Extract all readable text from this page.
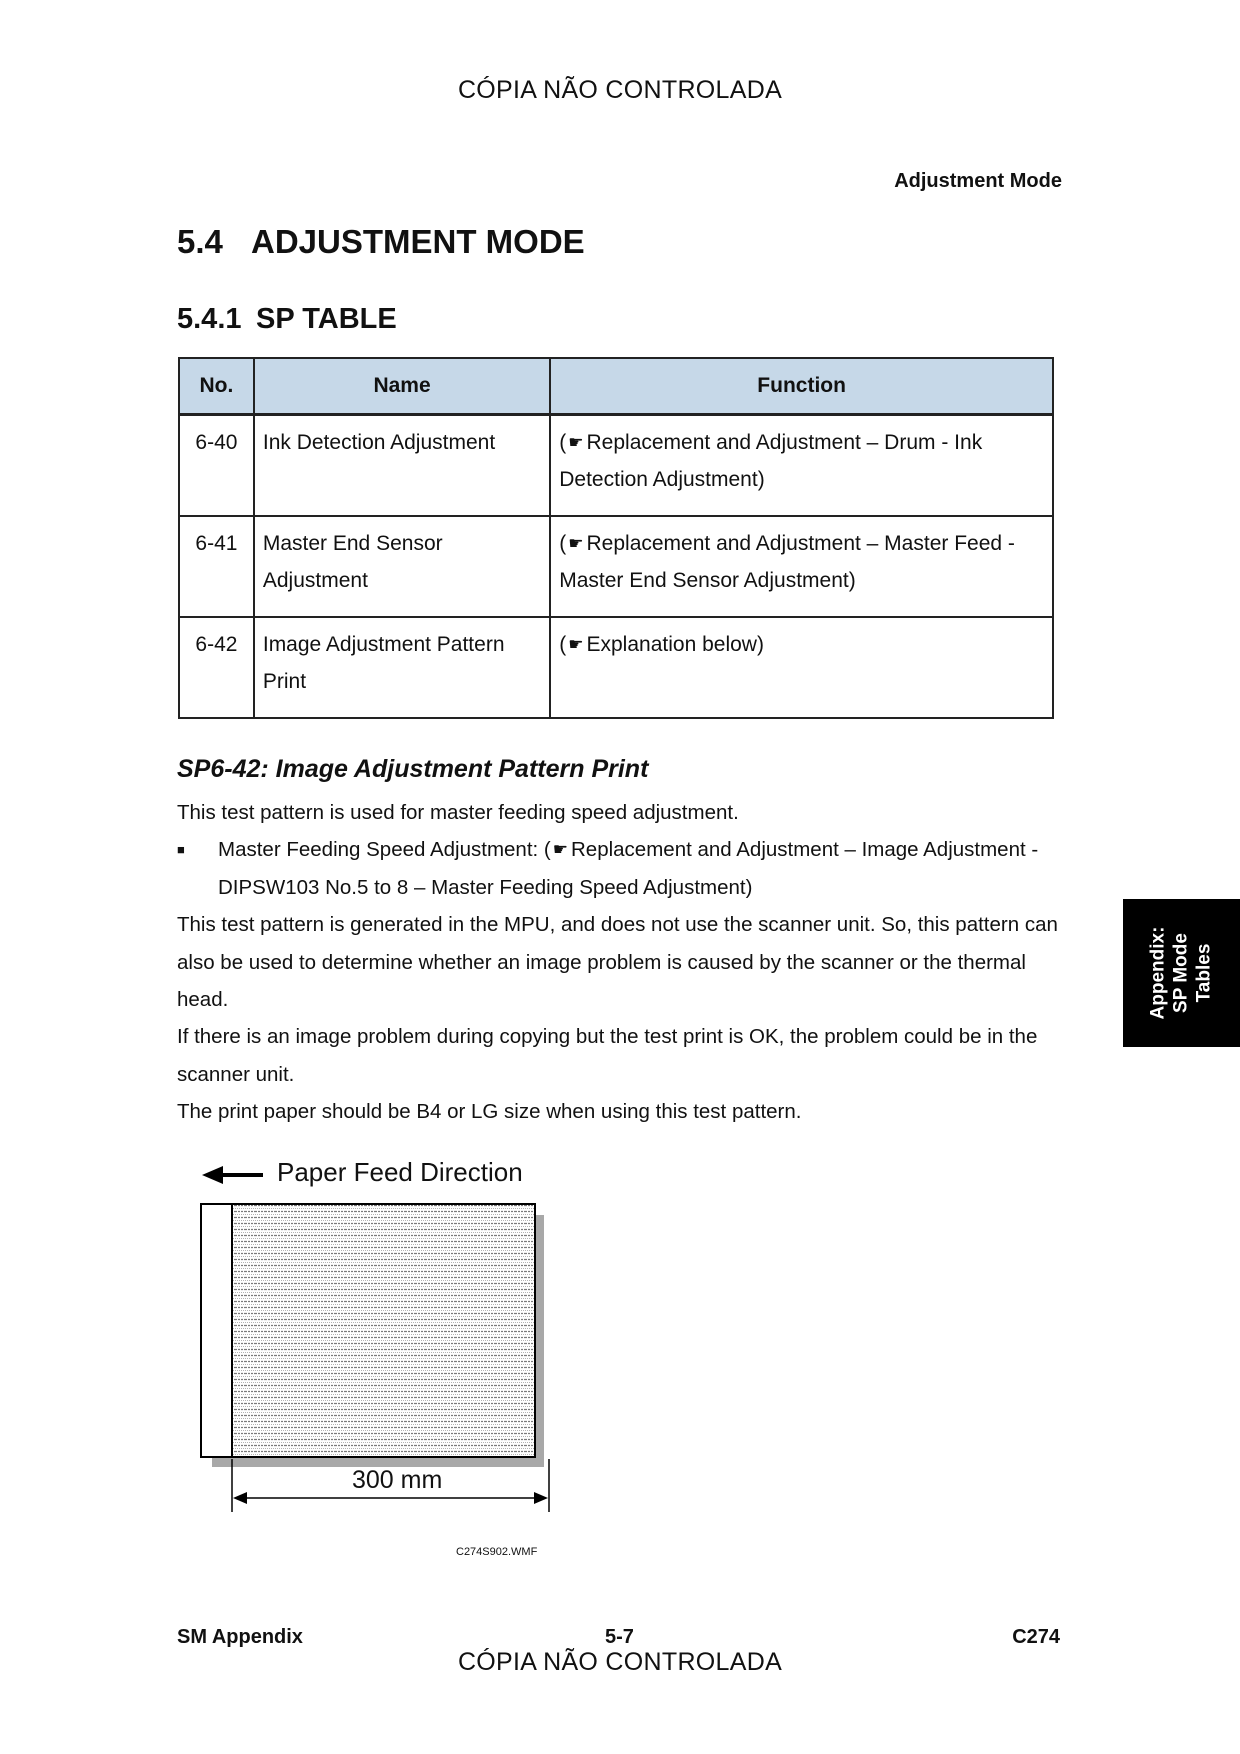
CÓPIA NÃO CONTROLADA
Adjustment Mode
5.4 ADJUSTMENT MODE
5.4.1 SP TABLE
No.	Name	Function
6-40	Ink Detection Adjustment	( ☛ Replacement and Adjustment – Drum - Ink Detection Adjustment)
6-41	Master End Sensor Adjustment	( ☛ Replacement and Adjustment – Master Feed - Master End Sensor Adjustment)
6-42	Image Adjustment Pattern Print	( ☛ Explanation below)
SP6-42: Image Adjustment Pattern Print
This test pattern is used for master feeding speed adjustment.
■ Master Feeding Speed Adjustment: ( ☛ Replacement and Adjustment – Image Adjustment - DIPSW103 No.5 to 8 – Master Feeding Speed Adjustment)
This test pattern is generated in the MPU, and does not use the scanner unit. So, this pattern can also be used to determine whether an image problem is caused by the scanner or the thermal head.
If there is an image problem during copying but the test print is OK, the problem could be in the scanner unit.
The print paper should be B4 or LG size when using this test pattern.
Appendix: SP Mode Tables
Paper Feed Direction
300 mm
C274S902.WMF
SM Appendix	5-7	C274
CÓPIA NÃO CONTROLADA
